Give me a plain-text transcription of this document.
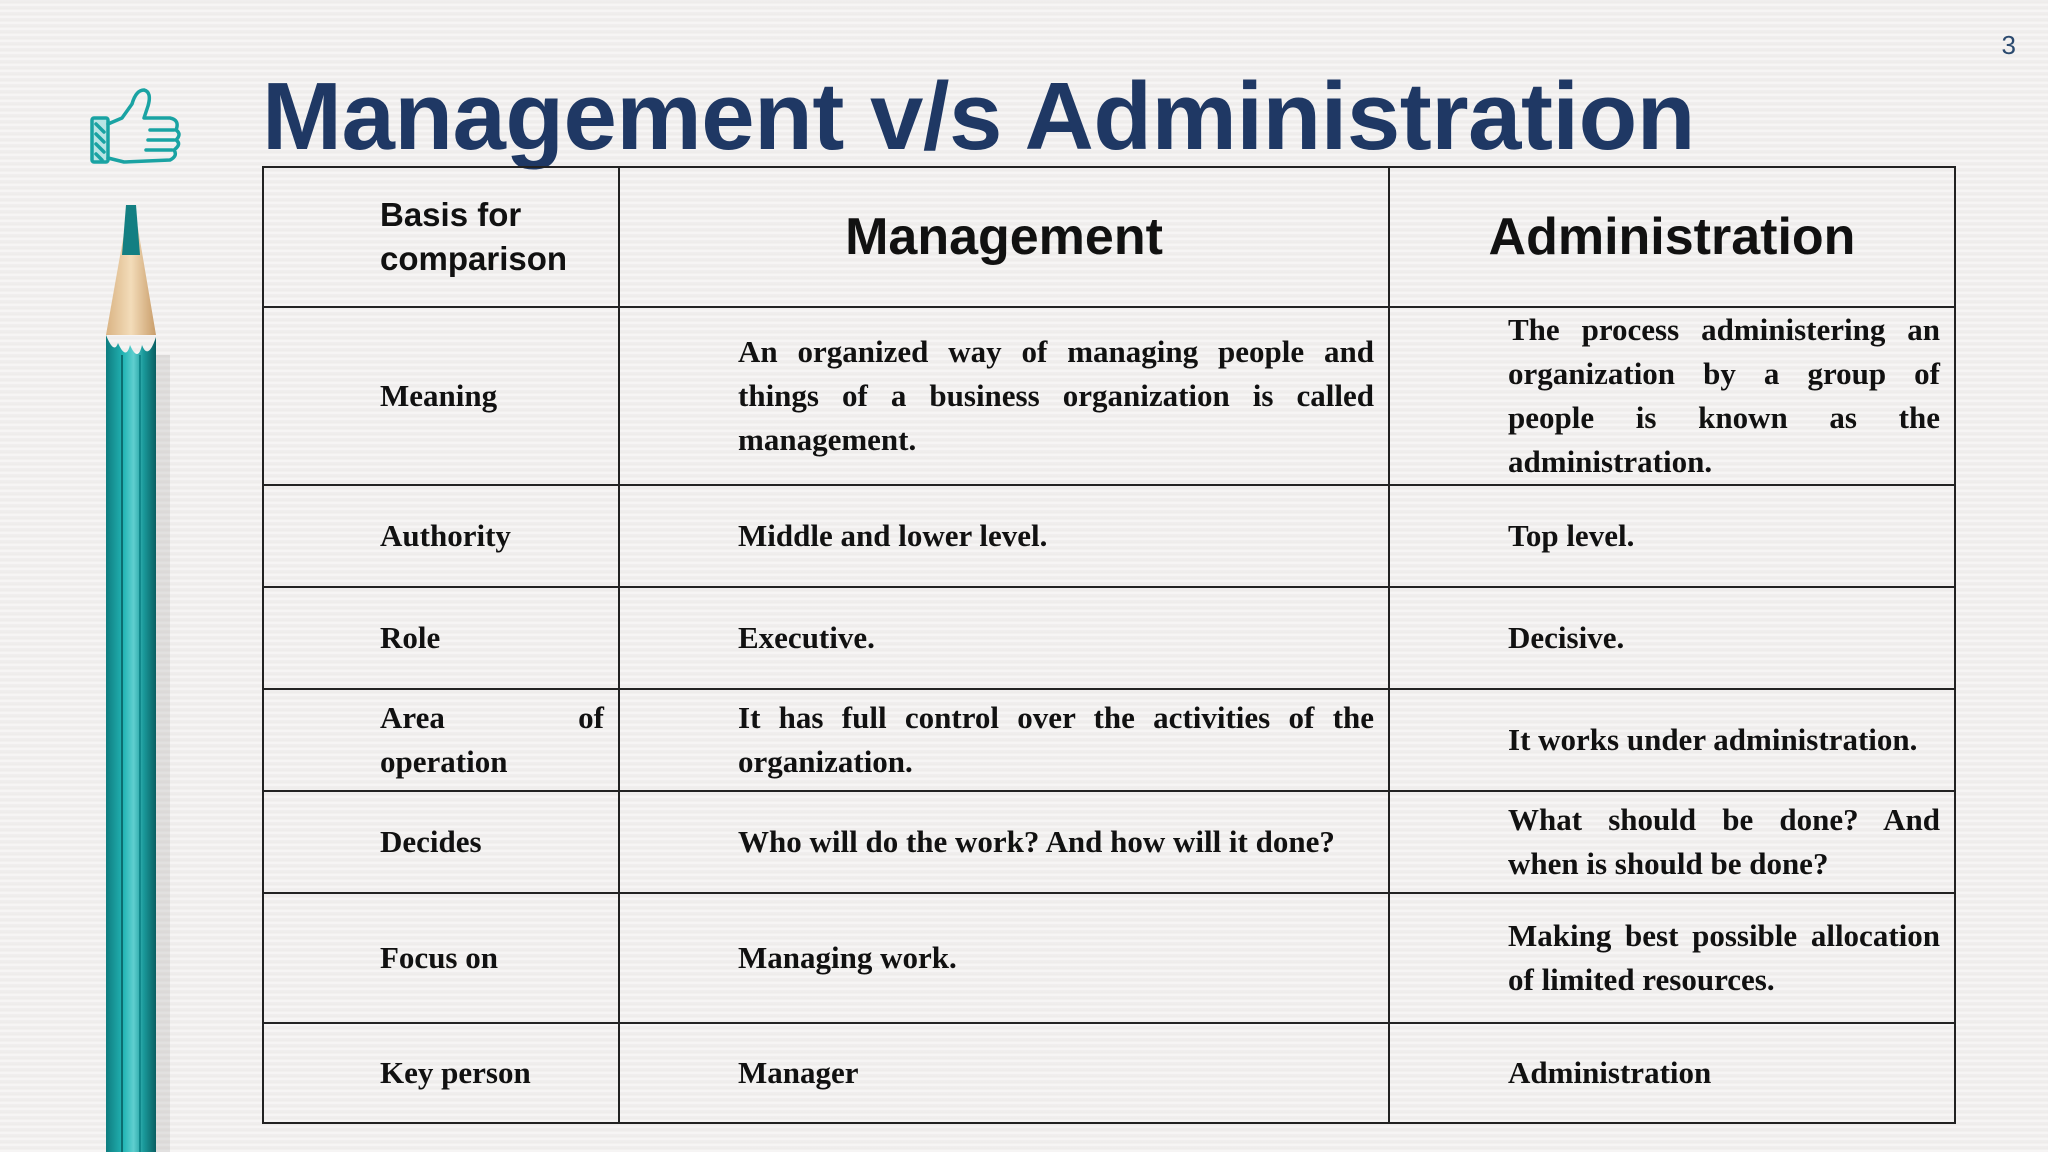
3
Management v/s Administration
Basis for comparison	Management	Administration
Meaning	An organized way of managing people and things of a business organization is called management.	The process administering an organization by a group of people is known as the administration.
Authority	Middle and lower level.	Top level.
Role	Executive.	Decisive.
Area of operation	It has full control over the activities of the organization.	It works under administration.
Decides	Who will do the work? And how will it done?	What should be done? And when is should be done?
Focus on	Managing work.	Making best possible allocation of limited resources.
Key person	Manager	Administration
